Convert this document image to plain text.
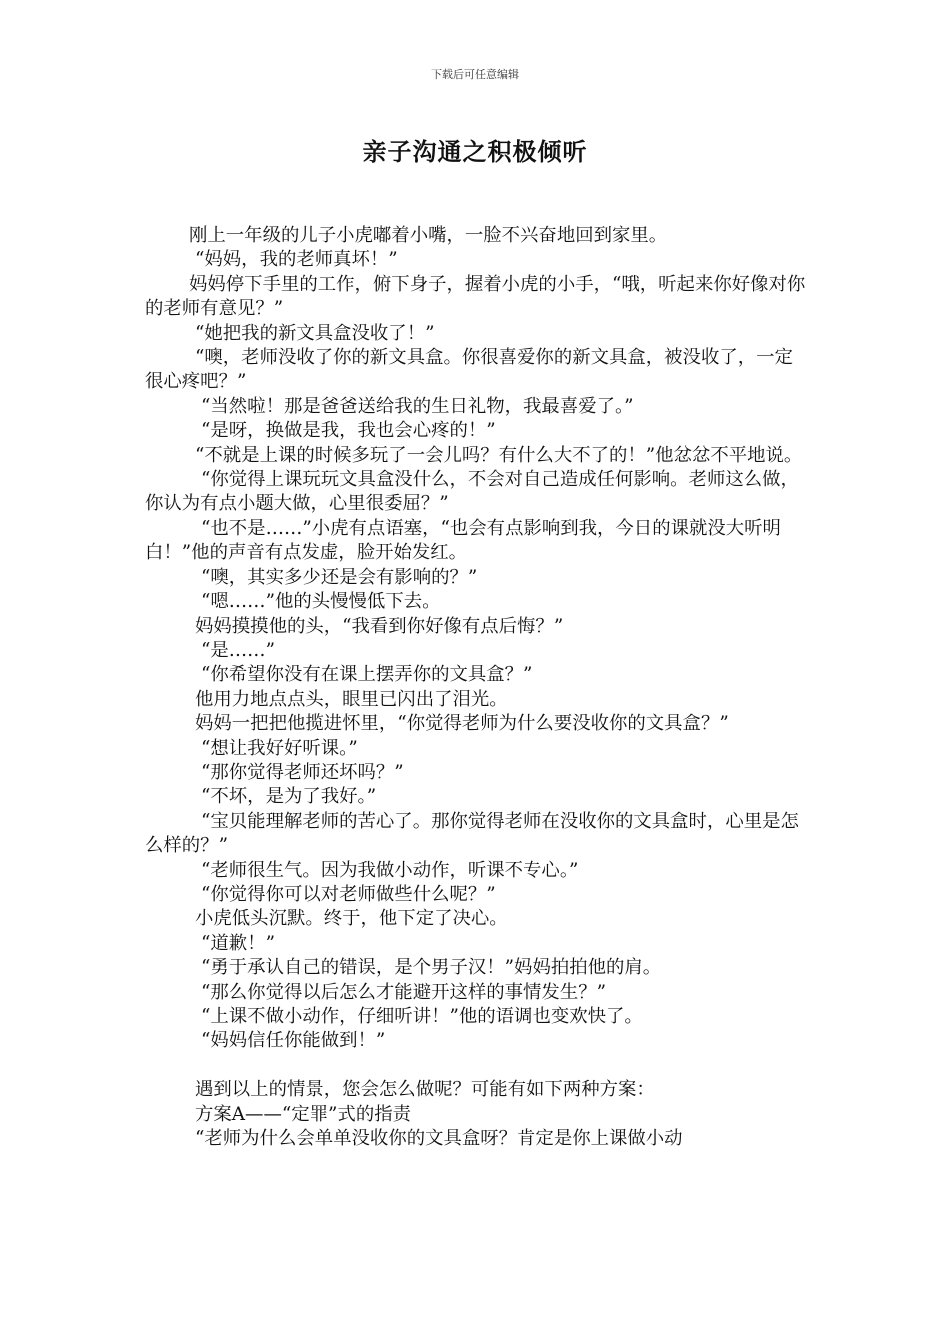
下载后可任意编辑
亲子沟通之积极倾听

刚上一年级的儿子小虎嘟着小嘴，一脸不兴奋地回到家里。

“妈妈，我的老师真坏！”

妈妈停下手里的工作，俯下身子，握着小虎的小手，“哦，听起来你好像对你的老师有意见？”

“她把我的新文具盒没收了！”

“噢，老师没收了你的新文具盒。你很喜爱你的新文具盒，被没收了，一定很心疼吧？”

“当然啦！那是爸爸送给我的生日礼物，我最喜爱了。”

“是呀，换做是我，我也会心疼的！”

“不就是上课的时候多玩了一会儿吗？有什么大不了的！”他忿忿不平地说。

“你觉得上课玩玩文具盒没什么，不会对自己造成任何影响。老师这么做，你认为有点小题大做，心里很委屈？”

“也不是……”小虎有点语塞，“也会有点影响到我，今日的课就没大听明白！”他的声音有点发虚，脸开始发红。

“噢，其实多少还是会有影响的？”

“嗯……”他的头慢慢低下去。

妈妈摸摸他的头，“我看到你好像有点后悔？”

“是……”

“你希望你没有在课上摆弄你的文具盒？”

他用力地点点头，眼里已闪出了泪光。

妈妈一把把他揽进怀里，“你觉得老师为什么要没收你的文具盒？”

“想让我好好听课。”

“那你觉得老师还坏吗？”

“不坏，是为了我好。”

“宝贝能理解老师的苦心了。那你觉得老师在没收你的文具盒时，心里是怎么样的？”

“老师很生气。因为我做小动作，听课不专心。”

“你觉得你可以对老师做些什么呢？”

小虎低头沉默。终于，他下定了决心。

“道歉！”

“勇于承认自己的错误，是个男子汉！”妈妈拍拍他的肩。

“那么你觉得以后怎么才能避开这样的事情发生？”

“上课不做小动作，仔细听讲！”他的语调也变欢快了。

“妈妈信任你能做到！”

遇到以上的情景，您会怎么做呢？可能有如下两种方案：

方案A——“定罪”式的指责

“老师为什么会单单没收你的文具盒呀？肯定是你上课做小动
